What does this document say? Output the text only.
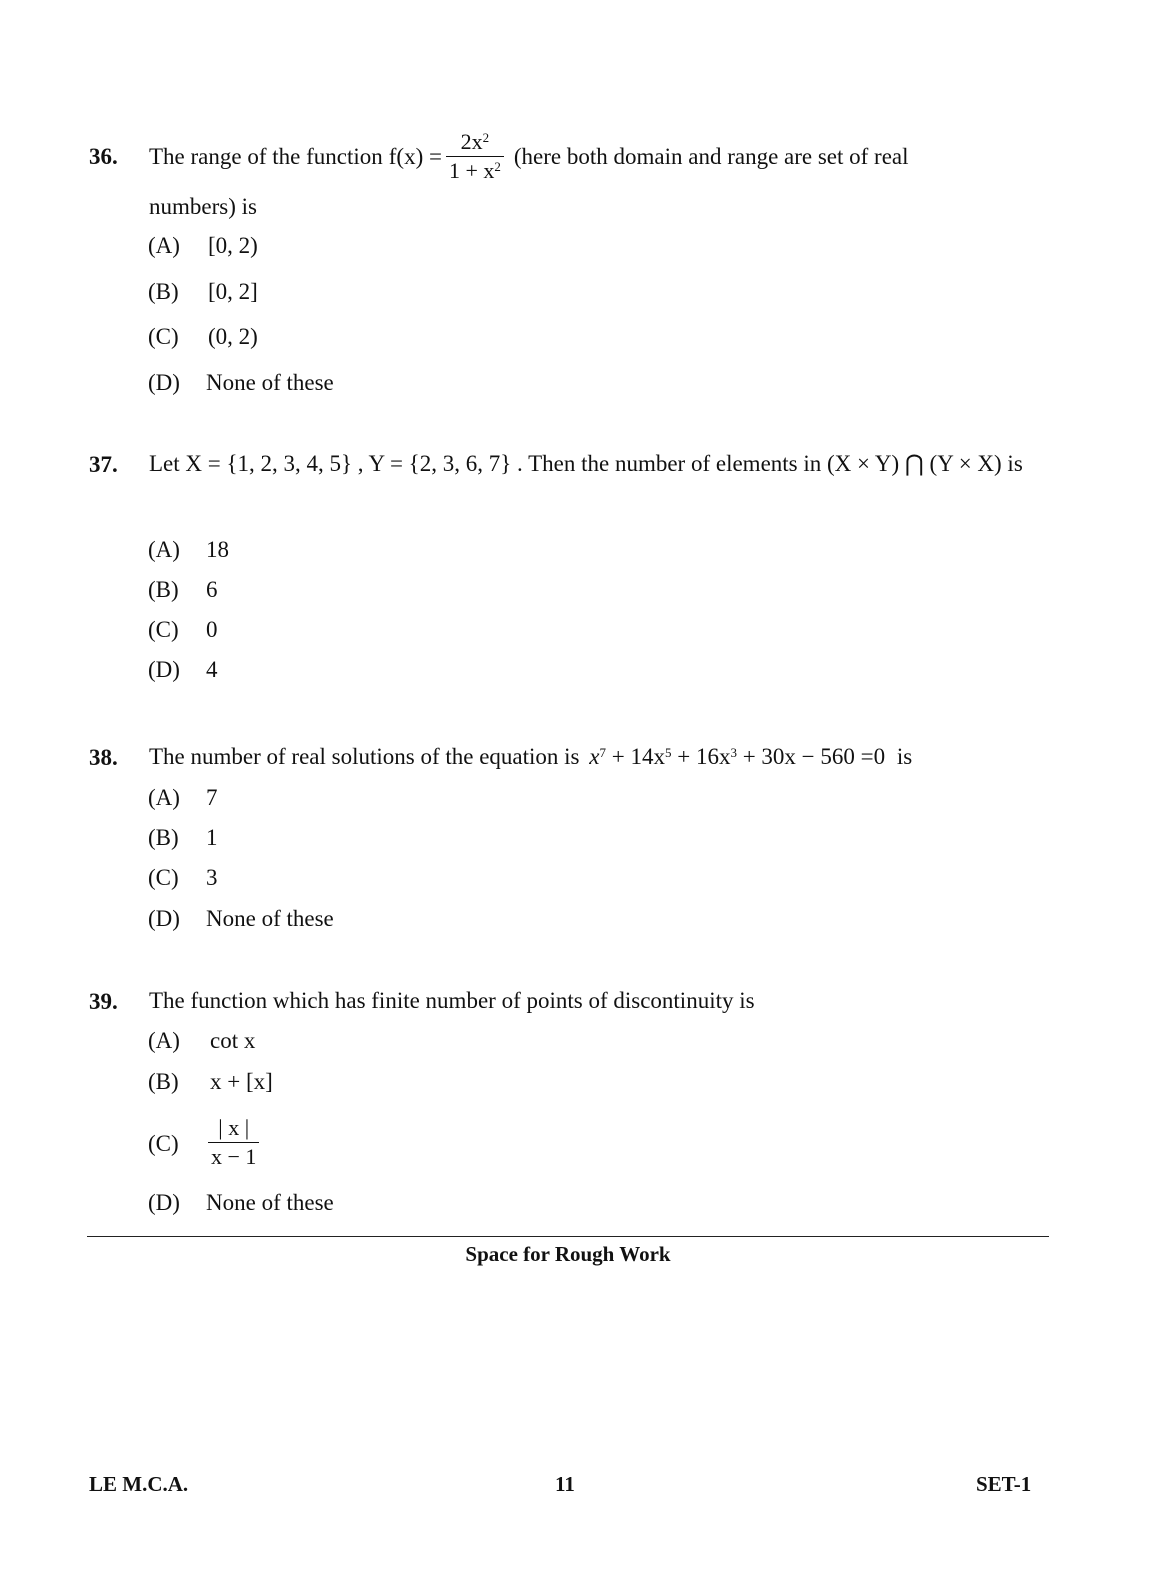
36. The range of the function $f(x) = \frac{2x^2}{1 + x^2}$ (here both domain and range are set of real
numbers) is
(A) [0, 2)
(B) [0, 2]
(C) (0, 2)
(D) None of these
37. Let X = {1, 2, 3, 4, 5} , Y = {2, 3, 6, 7} . Then the number of elements in (X × Y) ⋂ (Y × X) is
(A) 18
(B) 6
(C) 0
(D) 4
38. The number of real solutions of the equation is $x^7 + 14x^5 + 16x^3 + 30x - 560 =0$ is
(A) 7
(B) 1
(C) 3
(D) None of these
39. The function which has finite number of points of discontinuity is
(A) cot x
(B) x + [x]
$(C) \frac{| x |}{x - 1}$
(D) None of these
Space for Rough Work
LE M.C.A.	11	SET-1
